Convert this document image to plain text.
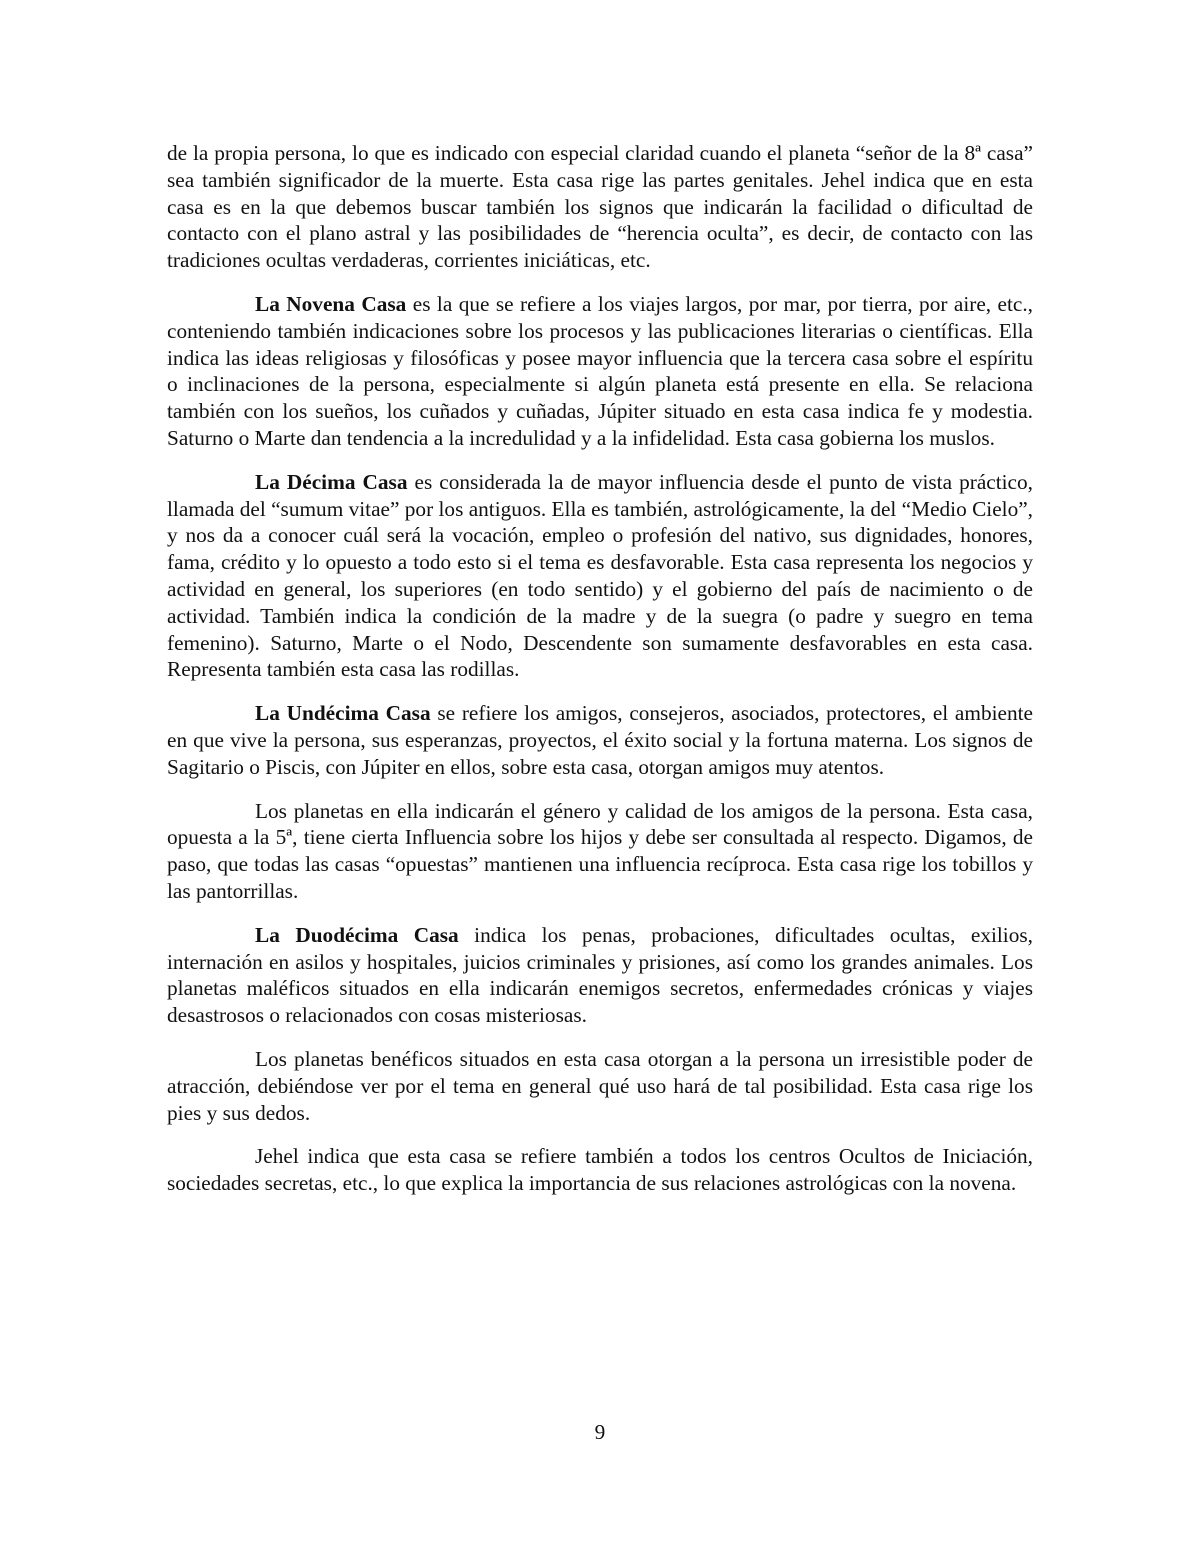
de la propia persona, lo que es indicado con especial claridad cuando el planeta “señor de la 8ª casa” sea también significador de la muerte. Esta casa rige las partes genitales. Jehel indica que en esta casa es en la que debemos buscar también los signos que indicarán la facilidad o dificultad de contacto con el plano astral y las posibilidades de “herencia oculta”, es decir, de contacto con las tradiciones ocultas verdaderas, corrientes iniciáticas, etc.

La Novena Casa es la que se refiere a los viajes largos, por mar, por tierra, por aire, etc., conteniendo también indicaciones sobre los procesos y las publicaciones literarias o científicas. Ella indica las ideas religiosas y filosóficas y posee mayor influencia que la tercera casa sobre el espíritu o inclinaciones de la persona, especialmente si algún planeta está presente en ella. Se relaciona también con los sueños, los cuñados y cuñadas, Júpiter situado en esta casa indica fe y modestia. Saturno o Marte dan tendencia a la incredulidad y a la infidelidad. Esta casa gobierna los muslos.

La Décima Casa es considerada la de mayor influencia desde el punto de vista práctico, llamada del “sumum vitae” por los antiguos. Ella es también, astrológicamente, la del “Medio Cielo”, y nos da a conocer cuál será la vocación, empleo o profesión del nativo, sus dignidades, honores, fama, crédito y lo opuesto a todo esto si el tema es desfavorable. Esta casa representa los negocios y actividad en general, los superiores (en todo sentido) y el gobierno del país de nacimiento o de actividad. También indica la condición de la madre y de la suegra (o padre y suegro en tema femenino). Saturno, Marte o el Nodo, Descendente son sumamente desfavorables en esta casa. Representa también esta casa las rodillas.

La Undécima Casa se refiere los amigos, consejeros, asociados, protectores, el ambiente en que vive la persona, sus esperanzas, proyectos, el éxito social y la fortuna materna. Los signos de Sagitario o Piscis, con Júpiter en ellos, sobre esta casa, otorgan amigos muy atentos.

Los planetas en ella indicarán el género y calidad de los amigos de la persona. Esta casa, opuesta a la 5ª, tiene cierta Influencia sobre los hijos y debe ser consultada al respecto. Digamos, de paso, que todas las casas “opuestas” mantienen una influencia recíproca. Esta casa rige los tobillos y las pantorrillas.

La Duodécima Casa indica los penas, probaciones, dificultades ocultas, exilios, internación en asilos y hospitales, juicios criminales y prisiones, así como los grandes animales. Los planetas maléficos situados en ella indicarán enemigos secretos, enfermedades crónicas y viajes desastrosos o relacionados con cosas misteriosas.

Los planetas benéficos situados en esta casa otorgan a la persona un irresistible poder de atracción, debiéndose ver por el tema en general qué uso hará de tal posibilidad. Esta casa rige los pies y sus dedos.

Jehel indica que esta casa se refiere también a todos los centros Ocultos de Iniciación, sociedades secretas, etc., lo que explica la importancia de sus relaciones astrológicas con la novena.

9
